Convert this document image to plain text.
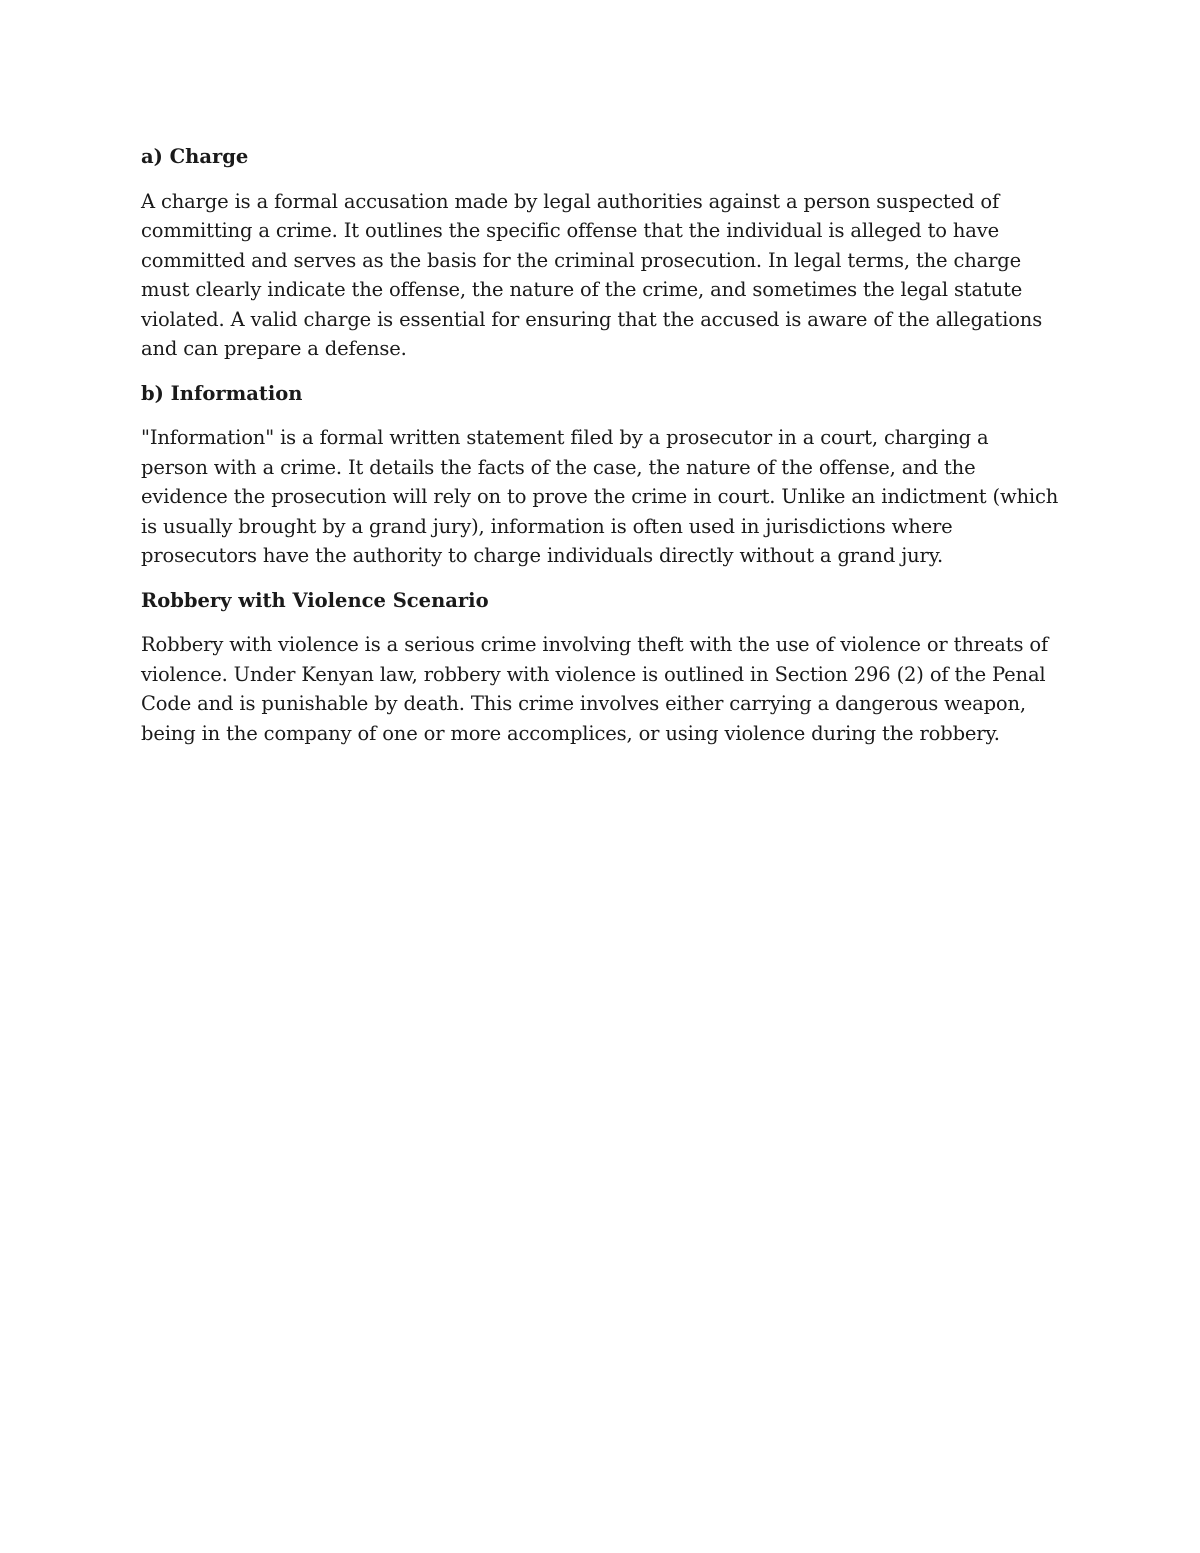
a) Charge
A charge is a formal accusation made by legal authorities against a person suspected of committing a crime. It outlines the specific offense that the individual is alleged to have committed and serves as the basis for the criminal prosecution. In legal terms, the charge must clearly indicate the offense, the nature of the crime, and sometimes the legal statute violated. A valid charge is essential for ensuring that the accused is aware of the allegations and can prepare a defense.
b) Information
"Information" is a formal written statement filed by a prosecutor in a court, charging a person with a crime. It details the facts of the case, the nature of the offense, and the evidence the prosecution will rely on to prove the crime in court. Unlike an indictment (which is usually brought by a grand jury), information is often used in jurisdictions where prosecutors have the authority to charge individuals directly without a grand jury.
Robbery with Violence Scenario
Robbery with violence is a serious crime involving theft with the use of violence or threats of violence. Under Kenyan law, robbery with violence is outlined in Section 296 (2) of the Penal Code and is punishable by death. This crime involves either carrying a dangerous weapon, being in the company of one or more accomplices, or using violence during the robbery.
